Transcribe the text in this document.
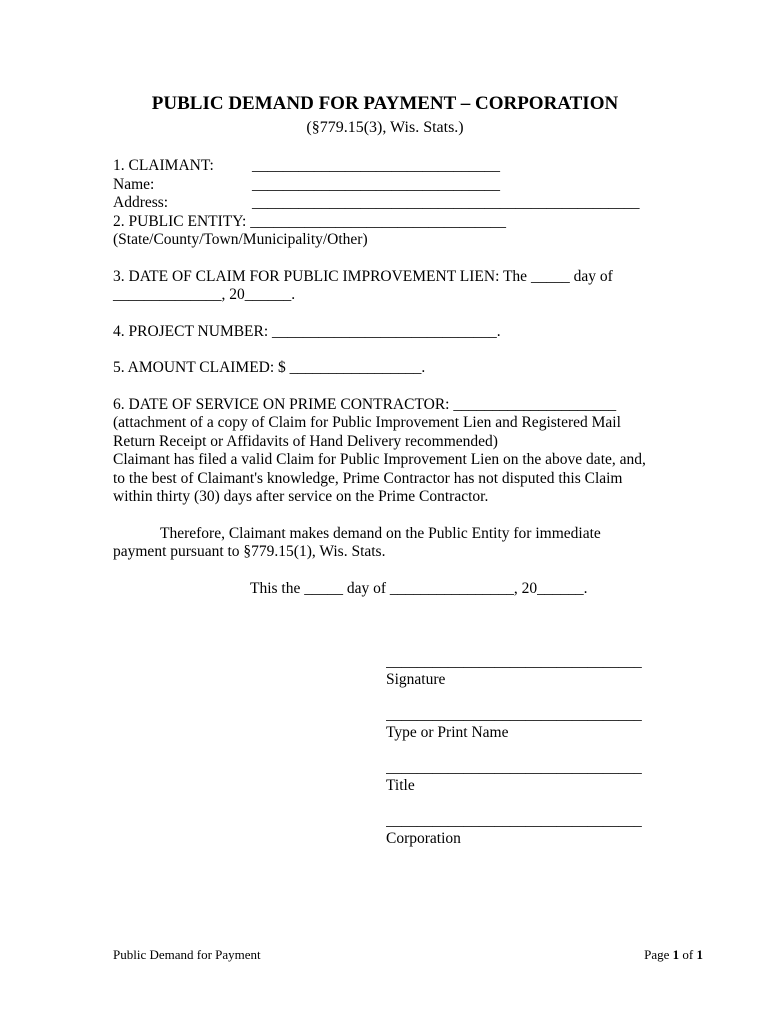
PUBLIC DEMAND FOR PAYMENT – CORPORATION
(§779.15(3), Wis. Stats.)
1. CLAIMANT: ________________________________
Name:	________________________________
Address:	__________________________________________________
2. PUBLIC ENTITY: _________________________________
(State/County/Town/Municipality/Other)
3. DATE OF CLAIM FOR PUBLIC IMPROVEMENT LIEN: The _____ day of ______________, 20______.
4. PROJECT NUMBER: _____________________________.
5. AMOUNT CLAIMED: $ _________________.
6. DATE OF SERVICE ON PRIME CONTRACTOR: _____________________
(attachment of a copy of Claim for Public Improvement Lien and Registered Mail Return Receipt or Affidavits of Hand Delivery recommended)
Claimant has filed a valid Claim for Public Improvement Lien on the above date, and, to the best of Claimant's knowledge, Prime Contractor has not disputed this Claim within thirty (30) days after service on the Prime Contractor.
Therefore, Claimant makes demand on the Public Entity for immediate payment pursuant to §779.15(1), Wis. Stats.
This the _____ day of ________________, 20______.
_________________________________
Signature
_________________________________
Type or Print Name
_________________________________
Title
_________________________________
Corporation
Public Demand for Payment	Page 1 of 1
